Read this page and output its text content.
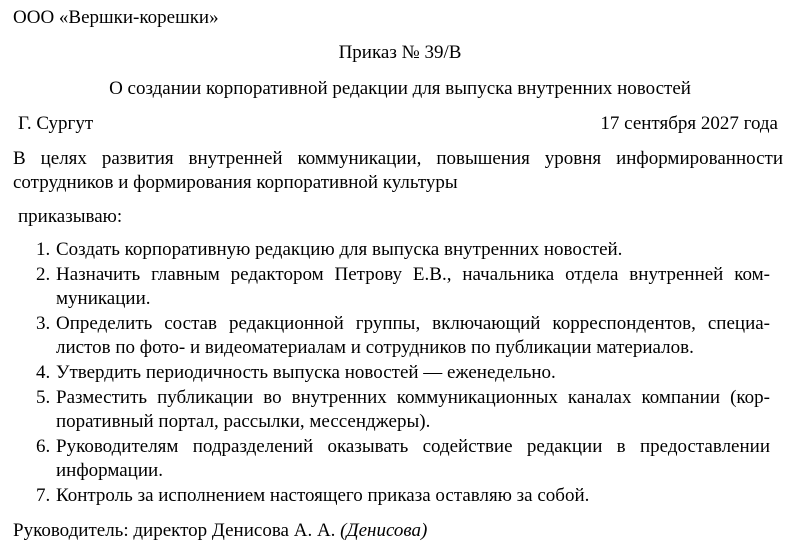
ООО «Вершки-корешки»
Приказ № 39/В
О создании корпоративной редакции для выпуска внутренних новостей
Г. Сургут	17 сентября 2027 года
В целях развития внутренней коммуникации, повышения уровня информированности сотрудников и формирования корпоративной культуры
приказываю:
1. Создать корпоративную редакцию для выпуска внутренних новостей.
2. Назначить главным редактором Петрову Е.В., начальника отдела внутренней коммуникации.
3. Определить состав редакционной группы, включающий корреспондентов, специалистов по фото- и видеоматериалам и сотрудников по публикации материалов.
4. Утвердить периодичность выпуска новостей — еженедельно.
5. Разместить публикации во внутренних коммуникационных каналах компании (корпоративный портал, рассылки, мессенджеры).
6. Руководителям подразделений оказывать содействие редакции в предоставлении информации.
7. Контроль за исполнением настоящего приказа оставляю за собой.
Руководитель: директор Денисова А. А. (Денисова)
